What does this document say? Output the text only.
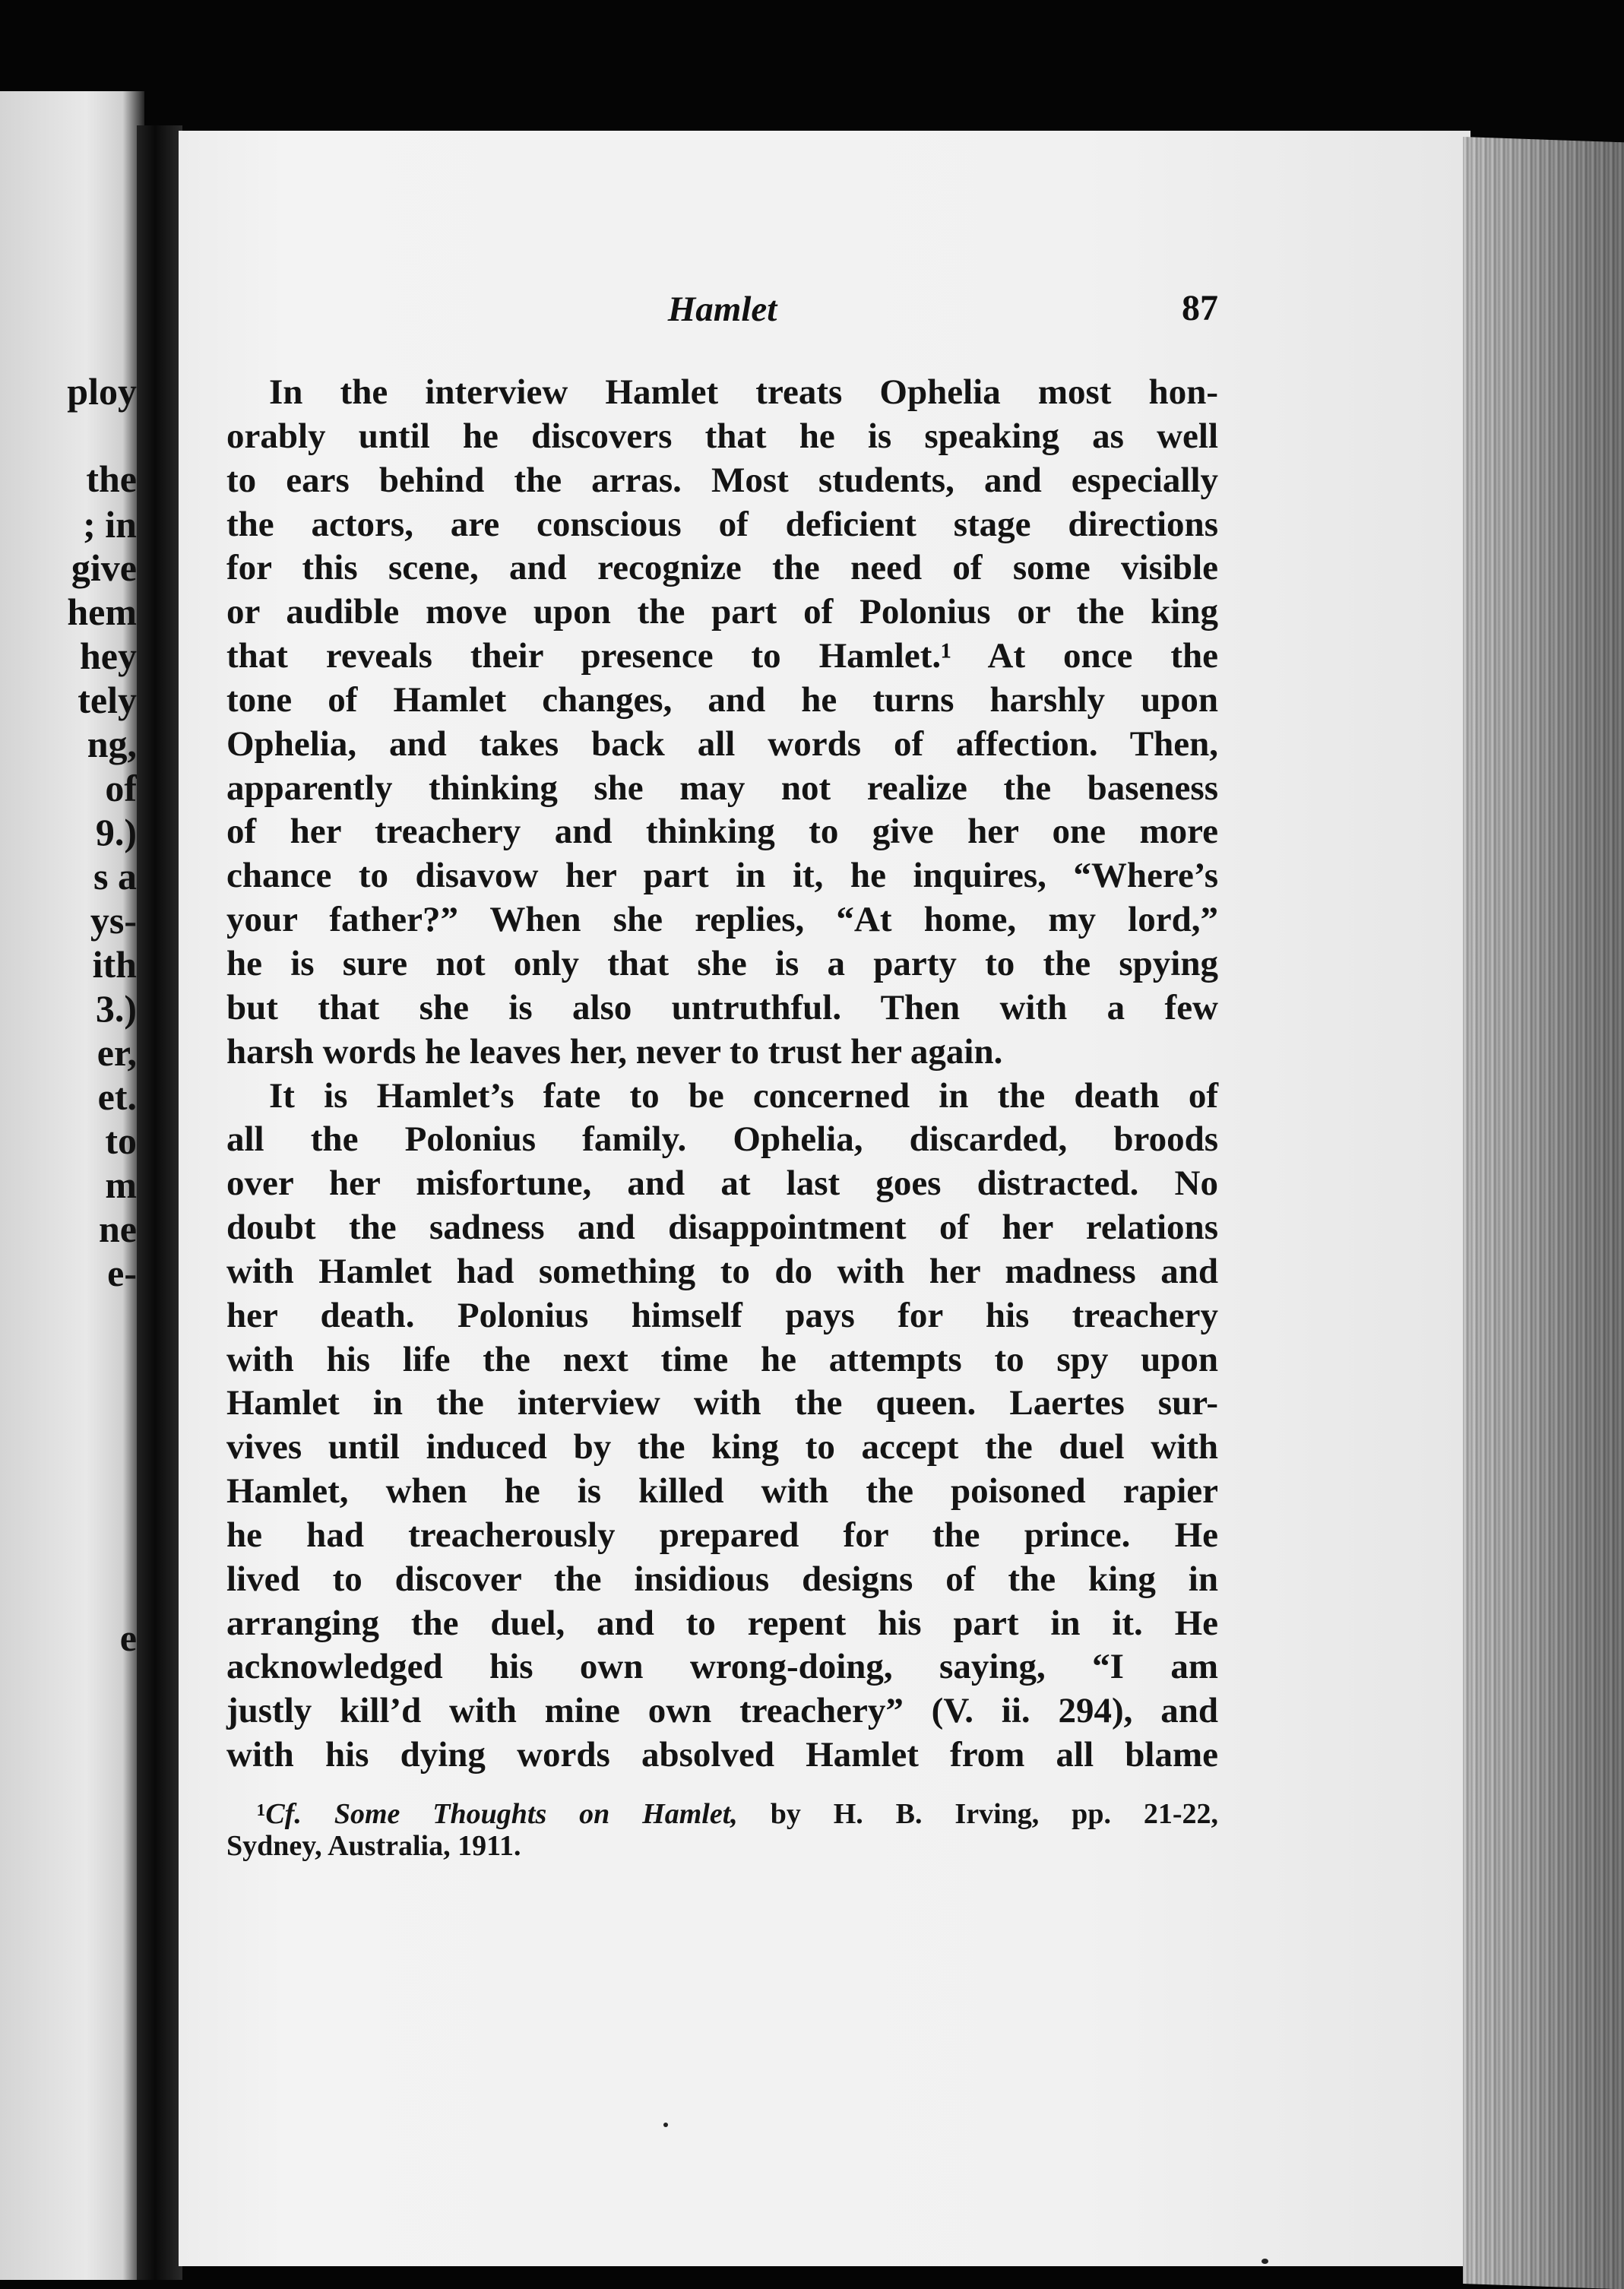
ploy
the
; in
give
hem
hey
tely
ng,
of
9.)
s a
ys-
ith
3.)
er,
et.
to
m
ne
e-
e
Hamlet	87
In the interview Hamlet treats Ophelia most hon-
orably until he discovers that he is speaking as well
to ears behind the arras. Most students, and especially
the actors, are conscious of deficient stage directions
for this scene, and recognize the need of some visible
or audible move upon the part of Polonius or the king
that reveals their presence to Hamlet.¹ At once the
tone of Hamlet changes, and he turns harshly upon
Ophelia, and takes back all words of affection. Then,
apparently thinking she may not realize the baseness
of her treachery and thinking to give her one more
chance to disavow her part in it, he inquires, “Where’s
your father?” When she replies, “At home, my lord,”
he is sure not only that she is a party to the spying
but that she is also untruthful. Then with a few
harsh words he leaves her, never to trust her again.
It is Hamlet’s fate to be concerned in the death of
all the Polonius family. Ophelia, discarded, broods
over her misfortune, and at last goes distracted. No
doubt the sadness and disappointment of her relations
with Hamlet had something to do with her madness and
her death. Polonius himself pays for his treachery
with his life the next time he attempts to spy upon
Hamlet in the interview with the queen. Laertes sur-
vives until induced by the king to accept the duel with
Hamlet, when he is killed with the poisoned rapier
he had treacherously prepared for the prince. He
lived to discover the insidious designs of the king in
arranging the duel, and to repent his part in it. He
acknowledged his own wrong-doing, saying, “I am
justly kill’d with mine own treachery” (V. ii. 294), and
with his dying words absolved Hamlet from all blame
¹Cf. Some Thoughts on Hamlet, by H. B. Irving, pp. 21-22,
Sydney, Australia, 1911.
